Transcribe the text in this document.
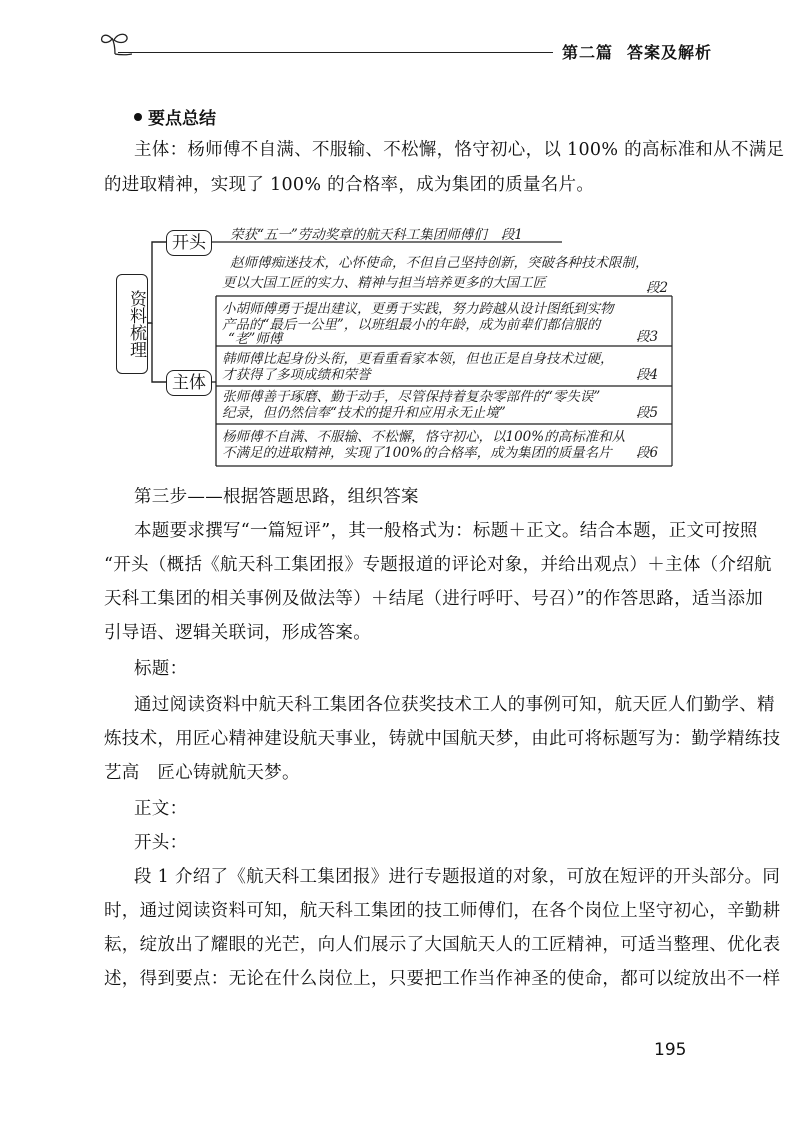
第二篇 答案及解析
要点总结
主体：杨师傅不自满、不服输、不松懈，恪守初心，以 100% 的高标准和从不满足
的进取精神，实现了 100% 的合格率，成为集团的质量名片。
资料梳理
开头
主体
荣获“五一”劳动奖章的航天科工集团师傅们 段1
赵师傅痴迷技术，心怀使命，不但自己坚持创新，突破各种技术限制，
更以大国工匠的实力、精神与担当培养更多的大国工匠	段2
小胡师傅勇于提出建议，更勇于实践，努力跨越从设计图纸到实物
产品的“最后一公里”，以班组最小的年龄，成为前辈们都信服的
“老”师傅	段3
韩师傅比起身份头衔，更看重看家本领，但也正是自身技术过硬，
才获得了多项成绩和荣誉	段4
张师傅善于琢磨、勤于动手，尽管保持着复杂零部件的“零失误”
纪录，但仍然信奉“技术的提升和应用永无止境”	段5
杨师傅不自满、不服输、不松懈，恪守初心，以100%的高标准和从
不满足的进取精神，实现了100%的合格率，成为集团的质量名片 段6
第三步——根据答题思路，组织答案
本题要求撰写“一篇短评”，其一般格式为：标题＋正文。结合本题，正文可按照
“开头（概括《航天科工集团报》专题报道的评论对象，并给出观点）＋主体（介绍航
天科工集团的相关事例及做法等）＋结尾（进行呼吁、号召）”的作答思路，适当添加
引导语、逻辑关联词，形成答案。
标题：
通过阅读资料中航天科工集团各位获奖技术工人的事例可知，航天匠人们勤学、精
炼技术，用匠心精神建设航天事业，铸就中国航天梦，由此可将标题写为：勤学精练技
艺高　匠心铸就航天梦。
正文：
开头：
段 1 介绍了《航天科工集团报》进行专题报道的对象，可放在短评的开头部分。同
时，通过阅读资料可知，航天科工集团的技工师傅们，在各个岗位上坚守初心，辛勤耕
耘，绽放出了耀眼的光芒，向人们展示了大国航天人的工匠精神，可适当整理、优化表
述，得到要点：无论在什么岗位上，只要把工作当作神圣的使命，都可以绽放出不一样
195
